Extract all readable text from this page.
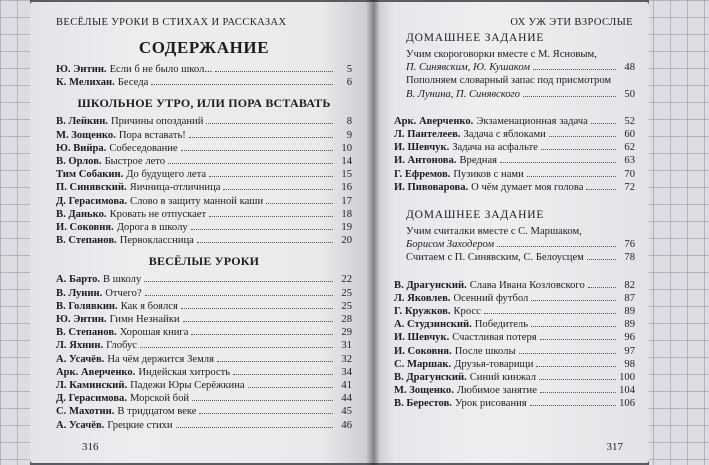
ВЕСЁЛЫЕ УРОКИ В СТИХАХ И РАССКАЗАХ
СОДЕРЖАНИЕ
Ю. Энтин. Если б не было школ...	5
К. Мелихан. Беседа	6
ШКОЛЬНОЕ УТРО, ИЛИ ПОРА ВСТАВАТЬ
В. Лейкин. Причины опозданий	8
М. Зощенко. Пора вставать!	9
Ю. Вийра. Собеседование	10
В. Орлов. Быстрое лето	14
Тим Собакин. До будущего лета	15
П. Синявский. Яичница-отличница	16
Д. Герасимова. Слово в защиту манной каши	17
В. Данько. Кровать не отпускает	18
И. Соковня. Дорога в школу	19
В. Степанов. Первоклассница	20
ВЕСЁЛЫЕ УРОКИ
А. Барто. В школу	22
В. Лунин. Отчего?	25
В. Голявкин. Как я боялся	25
Ю. Энтин. Гимн Незнайки	28
В. Степанов. Хорошая книга	29
Л. Яхнин. Глобус	31
А. Усачёв. На чём держится Земля	32
Арк. Аверченко. Индейская хитрость	34
Л. Каминский. Падежи Юры Серёжкина	41
Д. Герасимова. Морской бой	44
С. Махотин. В тридцатом веке	45
А. Усачёв. Грецкие стихи	46
316
ОХ УЖ ЭТИ ВЗРОСЛЫЕ
ДОМАШНЕЕ ЗАДАНИЕ
Учим скороговорки вместе с М. Ясновым,
П. Синявским, Ю. Кушаком	48
Пополняем словарный запас под присмотром
В. Лунина, П. Синявского	50
Арк. Аверченко. Экзаменационная задача	52
Л. Пантелеев. Задача с яблоками	60
И. Шевчук. Задача на асфальте	62
И. Антонова. Вредная	63
Г. Ефремов. Пузиков с нами	70
И. Пивоварова. О чём думает моя голова	72
ДОМАШНЕЕ ЗАДАНИЕ
Учим считалки вместе с С. Маршаком,
Борисом Заходером	76
Считаем с П. Синявским, С. Белоусцем	78
В. Драгунский. Слава Ивана Козловского	82
Л. Яковлев. Осенний футбол	87
Г. Кружков. Кросс	89
А. Студзинский. Победитель	89
И. Шевчук. Счастливая потеря	96
И. Соковня. После школы	97
С. Маршак. Друзья-товарищи	98
В. Драгунский. Синий кинжал	100
М. Зощенко. Любимое занятие	104
В. Берестов. Урок рисования	106
317
